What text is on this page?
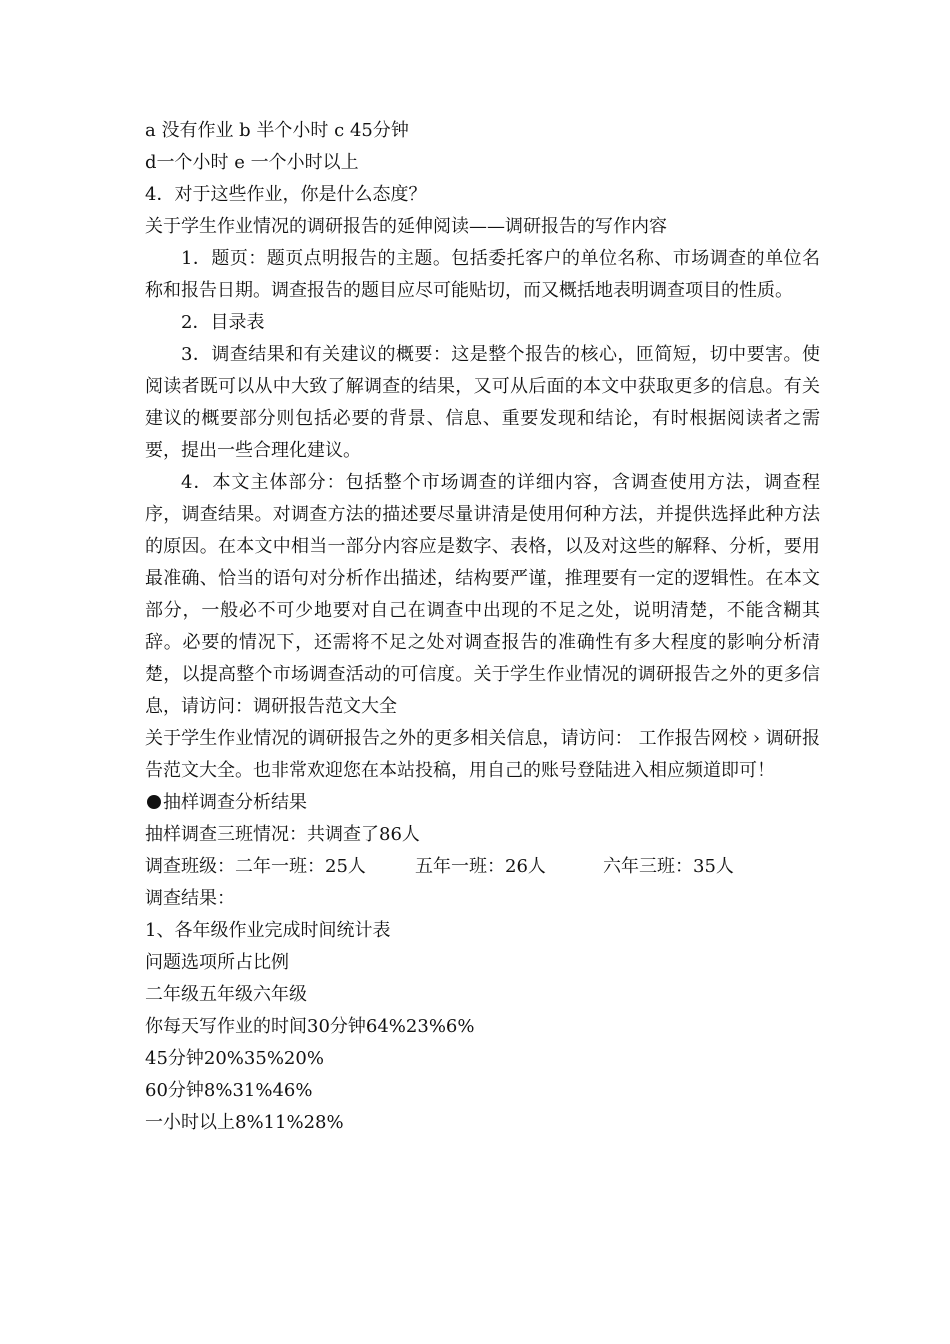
a 没有作业 b 半个小时 c 45分钟
d一个小时 e 一个小时以上
4．对于这些作业，你是什么态度？
关于学生作业情况的调研报告的延伸阅读——调研报告的写作内容

1．题页：题页点明报告的主题。包括委托客户的单位名称、市场调查的单位名称和报告日期。调查报告的题目应尽可能贴切，而又概括地表明调查项目的性质。

2．目录表

3．调查结果和有关建议的概要：这是整个报告的核心，匝简短，切中要害。使阅读者既可以从中大致了解调查的结果，又可从后面的本文中获取更多的信息。有关建议的概要部分则包括必要的背景、信息、重要发现和结论，有时根据阅读者之需要，提出一些合理化建议。

4．本文主体部分：包括整个市场调查的详细内容，含调查使用方法，调查程序，调查结果。对调查方法的描述要尽量讲清是使用何种方法，并提供选择此种方法的原因。在本文中相当一部分内容应是数字、表格，以及对这些的解释、分析，要用最准确、恰当的语句对分析作出描述，结构要严谨，推理要有一定的逻辑性。在本文部分，一般必不可少地要对自己在调查中出现的不足之处，说明清楚，不能含糊其辞。必要的情况下，还需将不足之处对调查报告的准确性有多大程度的影响分析清楚，以提高整个市场调查活动的可信度。关于学生作业情况的调研报告之外的更多信息，请访问：调研报告范文大全

关于学生作业情况的调研报告之外的更多相关信息，请访问： 工作报告网校 › 调研报告范文大全。也非常欢迎您在本站投稿，用自己的账号登陆进入相应频道即可！

抽样调查分析结果
抽样调查三班情况：共调查了86人
调查班级：二年一班：25人	五年一班：26人	六年三班：35人
调查结果：
1、各年级作业完成时间统计表
问题选项所占比例
二年级五年级六年级
你每天写作业的时间30分钟64%23%6%
45分钟20%35%20%
60分钟8%31%46%
一小时以上8%11%28%
